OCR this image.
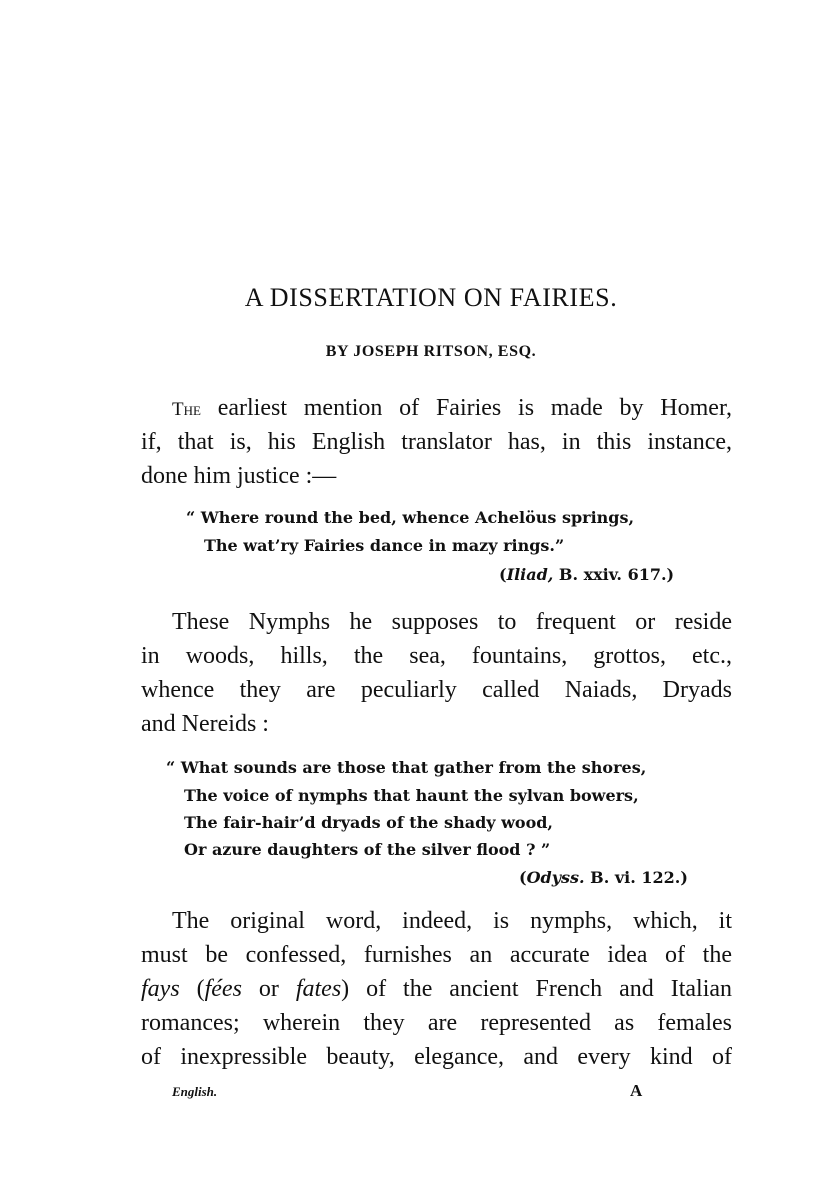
A DISSERTATION ON FAIRIES.
BY JOSEPH RITSON, ESQ.
The earliest mention of Fairies is made by Homer,
if, that is, his English translator has, in this instance,
done him justice :—
“ Where round the bed, whence Achelöus springs,
The wat’ry Fairies dance in mazy rings.”
(Iliad, B. xxiv. 617.)
These Nymphs he supposes to frequent or reside
in woods, hills, the sea, fountains, grottos, etc.,
whence they are peculiarly called Naiads, Dryads
and Nereids :
“ What sounds are those that gather from the shores,
The voice of nymphs that haunt the sylvan bowers,
The fair-hair’d dryads of the shady wood,
Or azure daughters of the silver flood ? ”
(Odyss. B. vi. 122.)
The original word, indeed, is nymphs, which, it
must be confessed, furnishes an accurate idea of the
fays (fées or fates) of the ancient French and Italian
romances; wherein they are represented as females
of inexpressible beauty, elegance, and every kind of
English.	A
